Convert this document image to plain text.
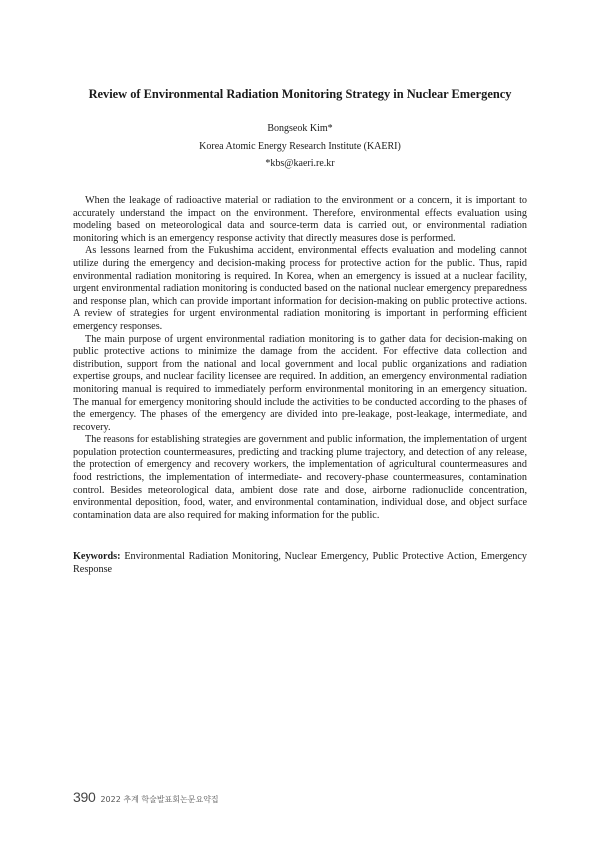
Review of Environmental Radiation Monitoring Strategy in Nuclear Emergency

Bongseok Kim*

Korea Atomic Energy Research Institute (KAERI)

*kbs@kaeri.re.kr

When the leakage of radioactive material or radiation to the environment or a concern, it is important to accurately understand the impact on the environment. Therefore, environmental effects evaluation using modeling based on meteorological data and source-term data is carried out, or environmental radiation monitoring which is an emergency response activity that directly measures dose is performed.

As lessons learned from the Fukushima accident, environmental effects evaluation and modeling cannot utilize during the emergency and decision-making process for protective action for the public. Thus, rapid environmental radiation monitoring is required. In Korea, when an emergency is issued at a nuclear facility, urgent environmental radiation monitoring is conducted based on the national nuclear emergency preparedness and response plan, which can provide important information for decision-making on public protective actions. A review of strategies for urgent environmental radiation monitoring is important in performing efficient emergency responses.

The main purpose of urgent environmental radiation monitoring is to gather data for decision-making on public protective actions to minimize the damage from the accident. For effective data collection and distribution, support from the national and local government and local public organizations and radiation expertise groups, and nuclear facility licensee are required. In addition, an emergency environmental radiation monitoring manual is required to immediately perform environmental monitoring in an emergency situation. The manual for emergency monitoring should include the activities to be conducted according to the phases of the emergency. The phases of the emergency are divided into pre-leakage, post-leakage, intermediate, and recovery.

The reasons for establishing strategies are government and public information, the implementation of urgent population protection countermeasures, predicting and tracking plume trajectory, and detection of any release, the protection of emergency and recovery workers, the implementation of agricultural countermeasures and food restrictions, the implementation of intermediate- and recovery-phase countermeasures, contamination control. Besides meteorological data, ambient dose rate and dose, airborne radionuclide concentration, environmental deposition, food, water, and environmental contamination, individual dose, and object surface contamination data are also required for making information for the public.

Keywords: Environmental Radiation Monitoring, Nuclear Emergency, Public Protective Action, Emergency Response

390 2022 추계 학술발표회논문요약집
